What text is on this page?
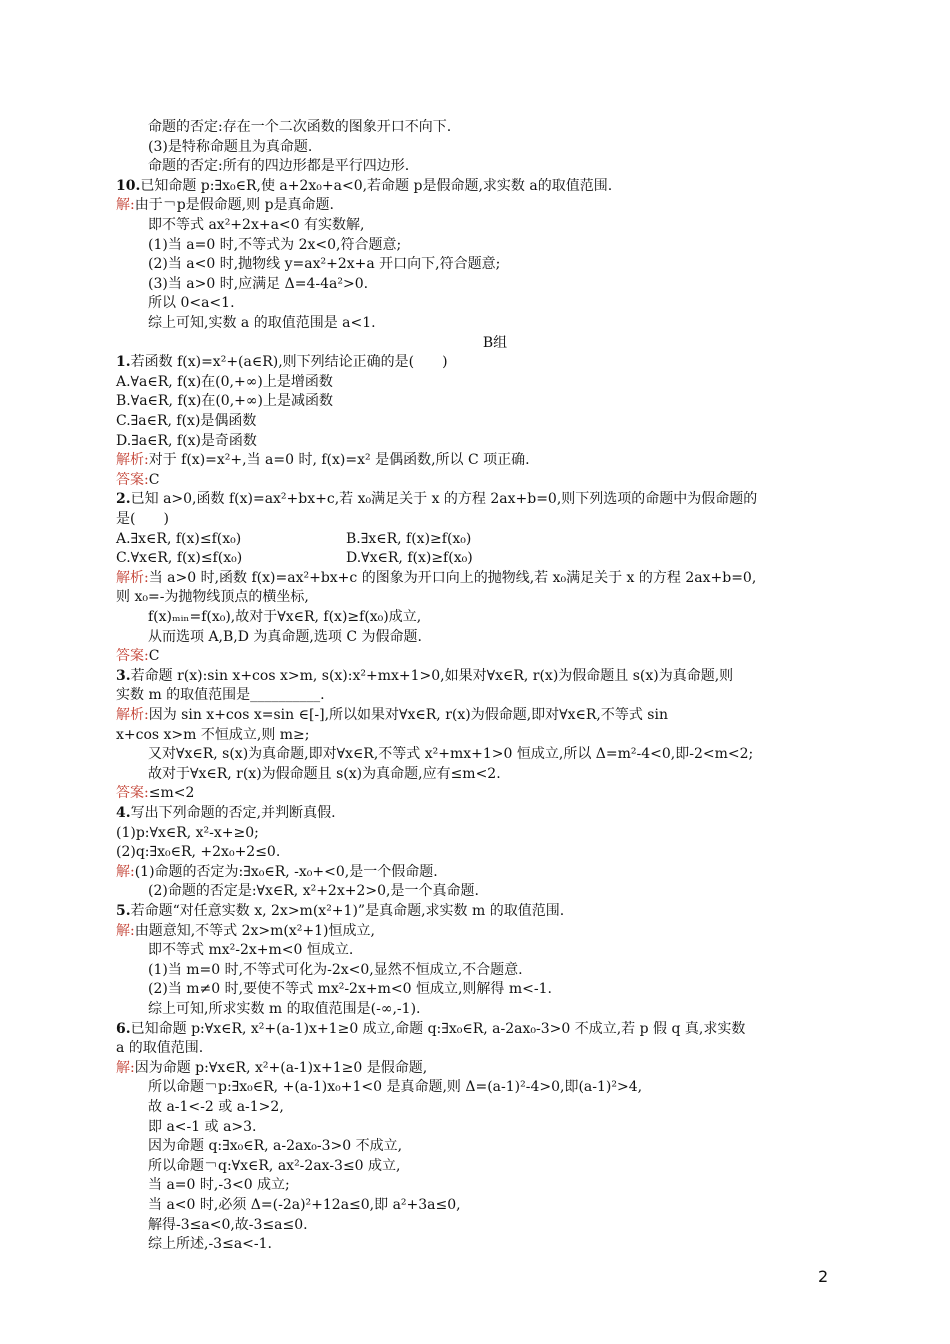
命题的否定:存在一个二次函数的图象开口不向下.
(3)是特称命题且为真命题.
命题的否定:所有的四边形都是平行四边形.
10.已知命题 p:∃x₀∈R,使 a+2x₀+a<0,若命题 p是假命题,求实数 a的取值范围.
解:由于￢p是假命题,则 p是真命题.
即不等式 ax²+2x+a<0 有实数解,
(1)当 a=0 时,不等式为 2x<0,符合题意;
(2)当 a<0 时,抛物线 y=ax²+2x+a 开口向下,符合题意;
(3)当 a>0 时,应满足 Δ=4-4a²>0.
所以 0<a<1.
综上可知,实数 a 的取值范围是 a<1.
B组
1.若函数 f(x)=x²+(a∈R),则下列结论正确的是(　　)
A.∀a∈R, f(x)在(0,+∞)上是增函数
B.∀a∈R, f(x)在(0,+∞)上是减函数
C.∃a∈R, f(x)是偶函数
D.∃a∈R, f(x)是奇函数
解析:对于 f(x)=x²+,当 a=0 时, f(x)=x² 是偶函数,所以 C 项正确.
答案:C
2.已知 a>0,函数 f(x)=ax²+bx+c,若 x₀满足关于 x 的方程 2ax+b=0,则下列选项的命题中为假命题的
是(　　)
A.∃x∈R, f(x)≤f(x₀)	B.∃x∈R, f(x)≥f(x₀)
C.∀x∈R, f(x)≤f(x₀)	D.∀x∈R, f(x)≥f(x₀)
解析:当 a>0 时,函数 f(x)=ax²+bx+c 的图象为开口向上的抛物线,若 x₀满足关于 x 的方程 2ax+b=0,
则 x₀=-为抛物线顶点的横坐标,
f(x)ₘᵢₙ=f(x₀),故对于∀x∈R, f(x)≥f(x₀)成立,
从而选项 A,B,D 为真命题,选项 C 为假命题.
答案:C
3.若命题 r(x):sin x+cos x>m, s(x):x²+mx+1>0,如果对∀x∈R, r(x)为假命题且 s(x)为真命题,则
实数 m 的取值范围是__________.
解析:因为 sin x+cos x=sin ∈[-],所以如果对∀x∈R, r(x)为假命题,即对∀x∈R,不等式 sin
x+cos x>m 不恒成立,则 m≥;
又对∀x∈R, s(x)为真命题,即对∀x∈R,不等式 x²+mx+1>0 恒成立,所以 Δ=m²-4<0,即-2<m<2;
故对于∀x∈R, r(x)为假命题且 s(x)为真命题,应有≤m<2.
答案:≤m<2
4.写出下列命题的否定,并判断真假.
(1)p:∀x∈R, x²-x+≥0;
(2)q:∃x₀∈R, +2x₀+2≤0.
解:(1)命题的否定为:∃x₀∈R, -x₀+<0,是一个假命题.
(2)命题的否定是:∀x∈R, x²+2x+2>0,是一个真命题.
5.若命题“对任意实数 x, 2x>m(x²+1)”是真命题,求实数 m 的取值范围.
解:由题意知,不等式 2x>m(x²+1)恒成立,
即不等式 mx²-2x+m<0 恒成立.
(1)当 m=0 时,不等式可化为-2x<0,显然不恒成立,不合题意.
(2)当 m≠0 时,要使不等式 mx²-2x+m<0 恒成立,则解得 m<-1.
综上可知,所求实数 m 的取值范围是(-∞,-1).
6.已知命题 p:∀x∈R, x²+(a-1)x+1≥0 成立,命题 q:∃x₀∈R, a-2ax₀-3>0 不成立,若 p 假 q 真,求实数
a 的取值范围.
解:因为命题 p:∀x∈R, x²+(a-1)x+1≥0 是假命题,
所以命题￢p:∃x₀∈R, +(a-1)x₀+1<0 是真命题,则 Δ=(a-1)²-4>0,即(a-1)²>4,
故 a-1<-2 或 a-1>2,
即 a<-1 或 a>3.
因为命题 q:∃x₀∈R, a-2ax₀-3>0 不成立,
所以命题￢q:∀x∈R, ax²-2ax-3≤0 成立,
当 a=0 时,-3<0 成立;
当 a<0 时,必须 Δ=(-2a)²+12a≤0,即 a²+3a≤0,
解得-3≤a<0,故-3≤a≤0.
综上所述,-3≤a<-1.
2
